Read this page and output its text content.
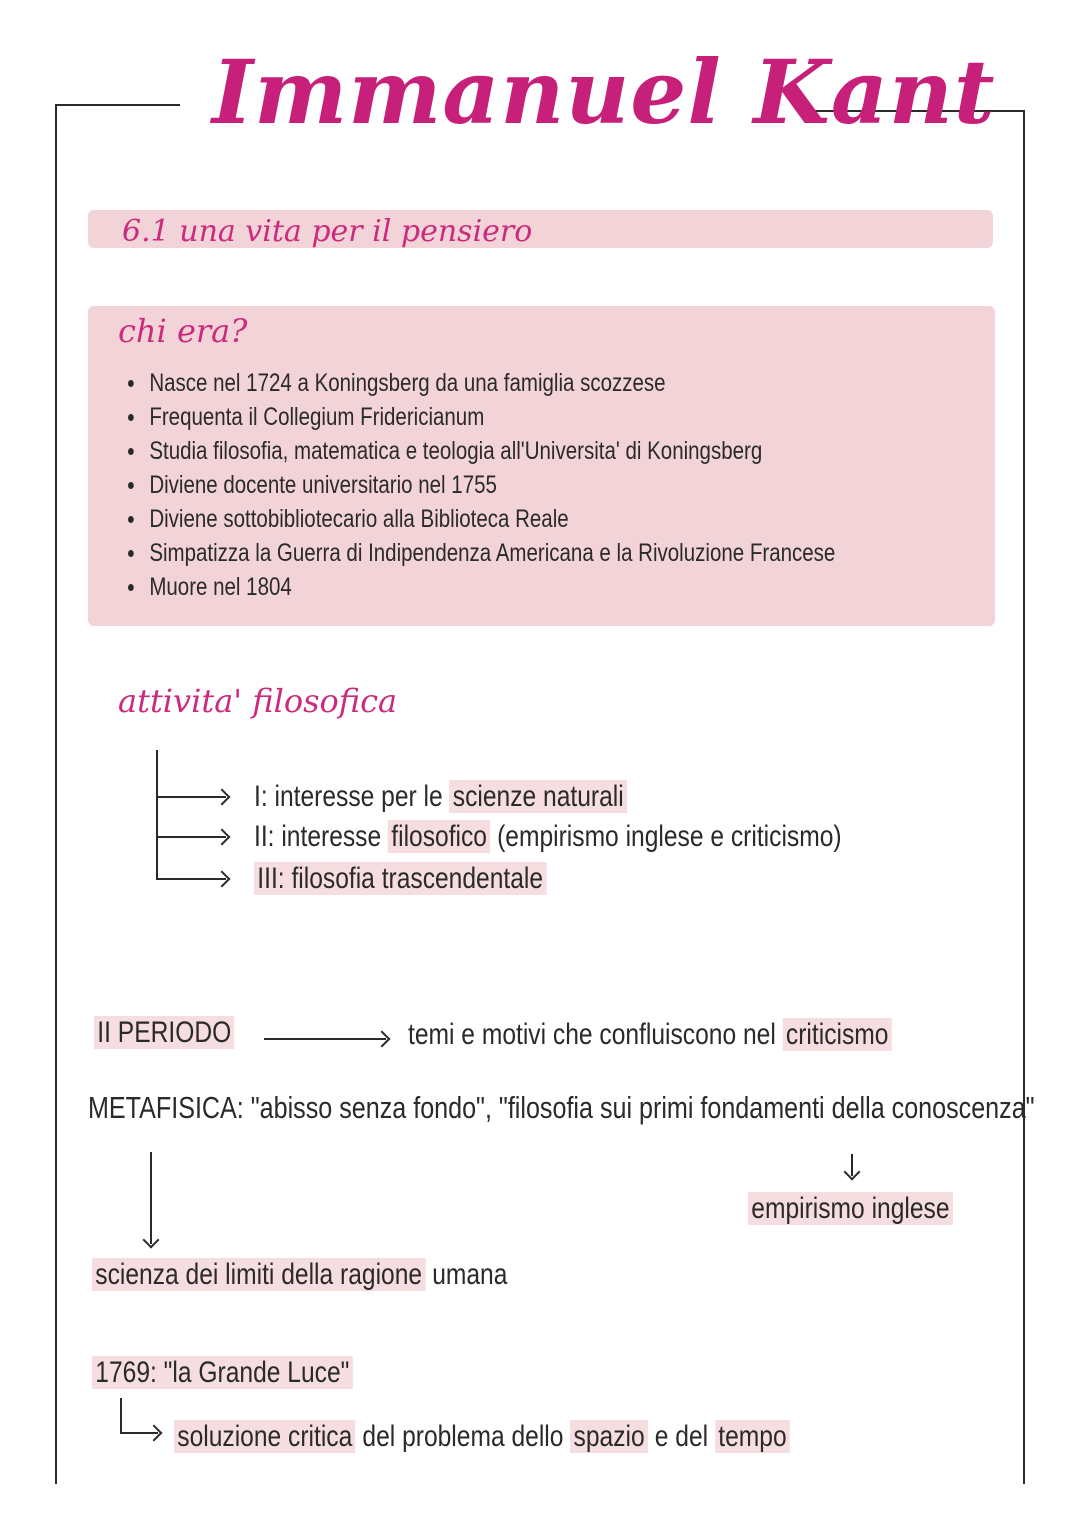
Immanuel Kant
6.1 una vita per il pensiero
chi era?
Nasce nel 1724 a Koningsberg da una famiglia scozzese
Frequenta il Collegium Fridericianum
Studia filosofia, matematica e teologia all'Universita' di Koningsberg
Diviene docente universitario nel 1755
Diviene sottobibliotecario alla Biblioteca Reale
Simpatizza la Guerra di Indipendenza Americana e la Rivoluzione Francese
Muore nel 1804
attivita' filosofica
I: interesse per le scienze naturali
II: interesse filosofico (empirismo inglese e criticismo)
III: filosofia trascendentale
II PERIODO	temi e motivi che confluiscono nel criticismo
METAFISICA: "abisso senza fondo", "filosofia sui primi fondamenti della conoscenza"
empirismo inglese
scienza dei limiti della ragione umana
1769: "la Grande Luce"
soluzione critica del problema dello spazio e del tempo
